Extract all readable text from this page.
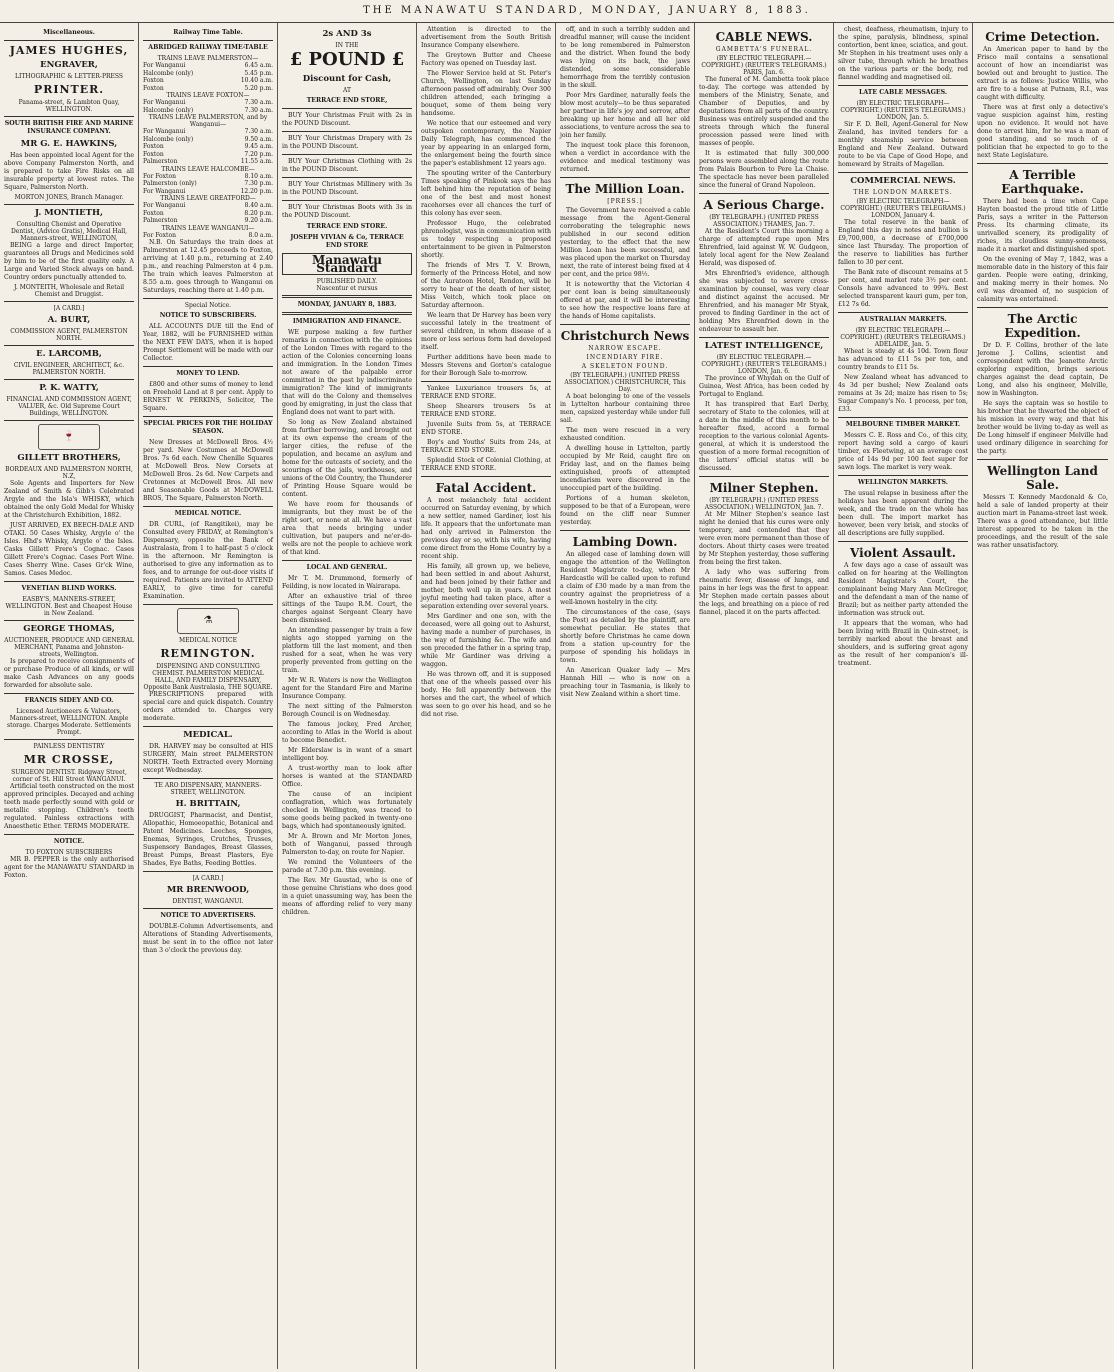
THE MANAWATU STANDARD, MONDAY, JANUARY 8, 1883.
Miscellaneous.
JAMES HUGHES,
ENGRAVER,
LITHOGRAPHIC & LETTER-PRESS
PRINTER.
Panama-street, & Lambton Quay, WELLINGTON.
SOUTH BRITISH FIRE AND MARINE INSURANCE COMPANY.
MR G. E. HAWKINS,

Has been appointed local Agent for the above Company Palmerston North, and is prepared to take Fire Risks on all insurable property at lowest rates. The Square, Palmerston North.

MORTON JONES, Branch Manager.
J. MONTIETH,
Consulting Chemist and Operative Dentist, (Advice Gratis), Medical Hall, Manners-street, WELLINGTON,

BEING a large and direct Importer, guarantees all Drugs and Medicines sold by him to be of the first quality only. A Large and Varied Stock always on hand. Country orders punctually attended to.

J. MONTEITH, Wholesale and Retail Chemist and Druggist.
[A CARD.]
A. BURT,
COMMISSION AGENT, PALMERSTON NORTH.
E. LARCOMB,
CIVIL ENGINEER, ARCHITECT, &c. PALMERSTON NORTH.
P. K. WATTY,
FINANCIAL AND COMMISSION AGENT, VALUER, &c. Old Supreme Court Buildings, WELLINGTON.
🍷
GILLETT BROTHERS,
BORDEAUX AND PALMERSTON NORTH, N.Z,

Sole Agents and Importers for New Zealand of Smith & Gibb's Celebrated Argyle and the Isla's WHISKY, which obtained the only Gold Medal for Whisky at the Christchurch Exhibition, 1882.

JUST ARRIVED, EX BEECH-DALE AND OTAKI. 50 Cases Whisky, Argyle o' the Isles. Hhd's Whisky, Argyle o' the Isles. Casks Gillett Frere's Cognac. Cases Gillett Frere's Cognac. Cases Port Wine. Cases Sherry Wine. Cases Gr'ck Wine, Samos. Cases Medoc.

VENETIAN BLIND WORKS.
EASBY'S, MANNERS-STREET, WELLINGTON. Best and Cheapest House in New Zealand.
GEORGE THOMAS,
AUCTIONEER, PRODUCE AND GENERAL MERCHANT, Panama and Johnston-streets, Wellington.

Is prepared to receive consignments of or purchase Produce of all kinds, or will make Cash Advances on any goods forwarded for absolute sale.

FRANCIS SIDEY AND CO.
Licensed Auctioneers & Valuators, Manners-street, WELLINGTON. Ample storage. Charges Moderate. Settlements Prompt.
PAINLESS DENTISTRY
MR CROSSE,
SURGEON DENTIST. Ridgway Street, corner of St. Hill Street WANGANUI.

Artificial teeth constructed on the most approved principles. Decayed and aching teeth made perfectly sound with gold or metallic stopping. Children's teeth regulated. Painless extractions with Anaesthetic Ether. TERMS MODERATE.

NOTICE.
TO FOXTON SUBSCRIBERS

MR B. PEPPER is the only authorised agent for the MANAWATU STANDARD in Foxton.

Railway Time Table.
ABRIDGED RAILWAY TIME-TABLE
TRAINS LEAVE PALMERSTON—
For Wanganui	6.45 a.m.
Halcombe (only)	5.45 p.m.
Foxton	10.40 a.m.
Foxton	5.20 p.m.
TRAINS LEAVE FOXTON—
For Wanganui	7.30 a.m.
Halcombe (only)	7.30 a.m.
TRAINS LEAVE PALMERSTON, and by Wanganui—
For Wanganui	7.30 a.m.
Halcombe (only)	9.50 a.m.
Foxton	9.45 a.m.
Foxton	7.20 p.m.
Palmerston	11.55 a.m.
TRAINS LEAVE HALCOMBE—
For Foxton	8.10 a.m.
Palmerston (only)	7.30 p.m.
For Wanganui	12.20 p.m.
TRAINS LEAVE GREATFORD—
For Wanganui	8.40 a.m.
Foxton	8.20 p.m.
Palmerston	9.20 a.m.
TRAINS LEAVE WANGANUI—
For Foxton	8.0 a.m.

N.B. On Saturdays the train does at Palmerston at 12.45 proceeds to Foxton, arriving at 1.40 p.m., returning at 2.40 p.m., and reaching Palmerston at 4 p.m. The train which leaves Palmerston at 8.55 a.m. goes through to Wanganui on Saturdays, reaching there at 1.40 p.m.

Special Notice.
NOTICE TO SUBSCRIBERS.

ALL ACCOUNTS DUE till the End of Year, 1882, will be FURNISHED within the NEXT FEW DAYS, when it is hoped Prompt Settlement will be made with our Collector.

MONEY TO LEND.

£800 and other sums of money to lend on Freehold Land at 8 per cent. Apply to ERNEST W. PERKINS, Solicitor, The Square.

SPECIAL PRICES FOR THE HOLIDAY SEASON.

New Dresses at McDowell Bros. 4½ per yard. New Costumes at McDowell Bros. 7s 6d each. New Chenille Squares at McDowell Bros. New Corsets at McDowell Bros. 2s 6d. New Carpets and Cretonnes at McDowell Bros. All new and Seasonable Goods at McDOWELL BROS, The Square, Palmerston North.

MEDICAL NOTICE.

DR CURL, (of Rangitikei), may be Consulted every FRIDAY, at Remington's Dispensary, opposite the Bank of Australasia, from 1 to half-past 5 o'clock in the afternoon. Mr Remington is authorised to give any information as to fees, and to arrange for out-door visits if required. Patients are invited to ATTEND EARLY, to give time for careful Examination.

⚗
MEDICAL NOTICE
REMINGTON.
DISPENSING AND CONSULTING CHEMIST. PALMERSTON MEDICAL HALL, AND FAMILY DISPENSARY, Opposite Bank Australasia, THE SQUARE.

PRESCRIPTIONS prepared with special care and quick dispatch. Country orders attended to. Charges very moderate.

MEDICAL.

DR. HARVEY may be consulted at HIS SURGERY, Main street PALMERSTON NORTH. Teeth Extracted every Morning except Wednesday.

TE ARO DISPENSARY, MANNERS-STREET, WELLINGTON.
H. BRITTAIN,

DRUGGIST, Pharmacist, and Dentist, Allopathic, Homoeopathic, Botanical and Patent Medicines. Leeches, Sponges, Enemas, Syringes, Crutches, Trusses, Suspensory Bandages, Breast Glasses, Breast Pumps, Breast Plasters, Eye Shades, Eye Baths, Feeding Bottles.

[A CARD.]
MR BRENWOOD,
DENTIST, WANGANUI.
NOTICE TO ADVERTISERS.

DOUBLE-Column Advertisements, and Alterations of Standing Advertisements, must be sent in to the office not later than 3 o'clock the previous day.

2s AND 3s
IN THE
£ POUND £
Discount for Cash,
AT
TERRACE END STORE,

BUY Your Christmas Fruit with 2s in the POUND Discount.

BUY Your Christmas Drapery with 2s in the POUND Discount.

BUY Your Christmas Clothing with 2s in the POUND Discount.

BUY Your Christmas Millinery with 3s in the POUND Discount.

BUY Your Christmas Boots with 3s in the POUND Discount.

TERRACE END STORE.
JOSEPH VIVIAN & Co, TERRACE END STORE
Manawatu Standard
PUBLISHED DAILY.
Nascentur et rursus
MONDAY, JANUARY 8, 1883.
IMMIGRATION AND FINANCE.

WE purpose making a few further remarks in connection with the opinions of the London Times with regard to the action of the Colonies concerning loans and immigration. In the London Times not aware of the palpable error committed in the past by indiscriminate immigration? The kind of immigrants that will do the Colony and themselves good by emigrating, in just the class that England does not want to part with.

So long as New Zealand abstained from further borrowing, and brought out at its own expense the cream of the larger cities, the refuse of the population, and became an asylum and home for the outcasts of society, and the scourings of the jails, workhouses, and unions of the Old Country, the Thunderer of Printing House Square would be content.

We have room for thousands of immigrants, but they must be of the right sort, or none at all. We have a vast area that needs bringing under cultivation, but paupers and ne'er-do-wells are not the people to achieve work of that kind.

LOCAL AND GENERAL.

Mr T. M. Drummond, formerly of Feilding, is now located in Wairarapa.

After an exhaustive trial of three sittings of the Taupo R.M. Court, the charges against Sergeant Cleary have been dismissed.

An intending passenger by train a few nights ago stopped yarning on the platform till the last moment, and then rushed for a seat, when he was very properly prevented from getting on the train.

Mr W. R. Waters is now the Wellington agent for the Standard Fire and Marine Insurance Company.

The next sitting of the Palmerston Borough Council is on Wednesday.

The famous jockey, Fred Archer, according to Atlas in the World is about to become Benedict.

Mr Elderslaw is in want of a smart intelligent boy.

A trust-worthy man to look after horses is wanted at the STANDARD Office.

The cause of an incipient conflagration, which was fortunately checked in Wellington, was traced to some goods being packed in twenty-one bags, which had spontaneously ignited.

Mr A. Brown and Mr Morton Jones, both of Wanganui, passed through Palmerston to-day, on route for Napier.

We remind the Volunteers of the parade at 7.30 p.m. this evening.

The Rev. Mr Gaustad, who is one of those genuine Christians who does good in a quiet unassuming way, has been the means of affording relief to very many children.

Attention is directed to the advertisement from the South British Insurance Company elsewhere.

The Greytown Butter and Cheese Factory was opened on Tuesday last.

The Flower Service held at St. Peter's Church, Wellington, on last Sunday afternoon passed off admirably. Over 300 children attended, each bringing a bouquet, some of them being very handsome.

We notice that our esteemed and very outspoken contemporary, the Napier Daily Telegraph, has commenced the year by appearing in an enlarged form, the enlargement being the fourth since the paper's establishment 12 years ago.

The spouting writer of the Canterbury Times speaking of Pinkook says the has left behind him the reputation of being one of the best and most honest racehorses ever all chances the turf of this colony has ever seen.

Professor Hugo, the celebrated phrenologist, was in communication with us today respecting a proposed entertainment to be given in Palmerston shortly.

The friends of Mrs T. V. Brown, formerly of the Princess Hotel, and now of the Auratoon Hotel, Rendon, will be sorry to hear of the death of her sister, Miss Veitch, which took place on Saturday afternoon.

We learn that Dr Harvey has been very successful lately in the treatment of several children, in whom disease of a more or less serious form had developed itself.

Further additions have been made to Messrs Stevens and Gorton's catalogue for their Borough Sale to-morrow.

Yankee Luxuriance trousers 5s, at TERRACE END STORE.

Sheep Shearers trousers 5s at TERRACE END STORE.

Juvenile Suits from 5s, at TERRACE END STORE.

Boy's and Youths' Suits from 24s, at TERRACE END STORE.

Splendid Stock of Colonial Clothing, at TERRACE END STORE.

Fatal Accident.

A most melancholy fatal accident occurred on Saturday evening, by which a new settler, named Gardiner, lost his life. It appears that the unfortunate man had only arrived in Palmerston the previous day or so, with his wife, having come direct from the Home Country by a recent ship.

His family, all grown up, we believe, had been settled in and about Ashurst, and had been joined by their father and mother, both well up in years. A most joyful meeting had taken place, after a separation extending over several years.

Mrs Gardiner and one son, with the deceased, were all going out to Ashurst, having made a number of purchases, in the way of furnishing &c. The wife and son preceded the father in a spring trap, while Mr Gardiner was driving a waggon.

He was thrown off, and it is supposed that one of the wheels passed over his body. He fell apparently between the horses and the cart, the wheel of which was seen to go over his head, and so he did not rise.

off, and in such a terribly sudden and dreadful manner, will cause the incident to be long remembered in Palmerston and the district. When found the body was lying on its back, the jaws distended, some considerable hemorrhage from the terribly contusion in the skull.

Poor Mrs Gardiner, naturally feels the blow most acutely—to be thus separated her partner in life's joy and sorrow, after breaking up her home and all her old associations, to venture across the sea to join her family.

The inquest took place this forenoon, when a verdict in accordance with the evidence and medical testimony was returned.

The Million Loan.
[PRESS.]

The Government have received a cable message from the Agent-General corroborating the telegraphic news published in our second edition yesterday, to the effect that the new Million Loan has been successful, and was placed upon the market on Thursday next, the rate of interest being fixed at 4 per cent, and the price 98½.

It is noteworthy that the Victorian 4 per cent loan is being simultaneously offered at par, and it will be interesting to see how the respective loans fare at the hands of Home capitalists.

Christchurch News
NARROW ESCAPE.
INCENDIARY FIRE.
A SKELETON FOUND.
(BY TELEGRAPH.) (UNITED PRESS ASSOCIATION.) CHRISTCHURCH, This Day.

A boat belonging to one of the vessels in Lyttelton harbour containing three men, capsized yesterday while under full sail.

The men were rescued in a very exhausted condition.

A dwelling house in Lyttelton, partly occupied by Mr Reid, caught fire on Friday last, and on the flames being extinguished, proofs of attempted incendiarism were discovered in the unoccupied part of the building.

Portions of a human skeleton, supposed to be that of a European, were found on the cliff near Sumner yesterday.

Lambing Down.

An alleged case of lambing down will engage the attention of the Wellington Resident Magistrate to-day, when Mr Hardcastle will be called upon to refund a claim of £30 made by a man from the country against the proprietress of a well-known hostelry in the city.

The circumstances of the case, (says the Post) as detailed by the plaintiff, are somewhat peculiar. He states that shortly before Christmas he came down from a station up-country for the purpose of spending his holidays in town.

An American Quaker lady — Mrs Hannah Hill — who is now on a preaching tour in Tasmania, is likely to visit New Zealand within a short time.

CABLE NEWS.
GAMBETTA'S FUNERAL.
(BY ELECTRIC TELEGRAPH.—COPYRIGHT.) (REUTER'S TELEGRAMS.) PARIS, Jan. 6.

The funeral of M. Gambetta took place to-day. The cortege was attended by members of the Ministry, Senate, and Chamber of Deputies, and by deputations from all parts of the country. Business was entirely suspended and the streets through which the funeral procession passed were lined with masses of people.

It is estimated that fully 300,000 persons were assembled along the route from Palais Bourbon to Pere La Chaise. The spectacle has never been paralleled since the funeral of Grand Napoleon.

A Serious Charge.
(BY TELEGRAPH.) (UNITED PRESS ASSOCIATION.) THAMES, Jan. 7.

At the Resident's Court this morning a charge of attempted rape upon Mrs Ehrenfried, laid against W. W. Gudgeon, lately local agent for the New Zealand Herald, was disposed of.

Mrs Ehrenfried's evidence, although she was subjected to severe cross-examination by counsel, was very clear and distinct against the accused. Mr Ehrenfried, and his manager Mr Styak, proved to finding Gardiner in the act of holding Mrs Ehrenfried down in the endeavour to assault her.

LATEST INTELLIGENCE,
(BY ELECTRIC TELEGRAPH.—COPYRIGHT.) (REUTER'S TELEGRAMS.) LONDON, Jan. 6.

The province of Whydah on the Gulf of Guinea, West Africa, has been ceded by Portugal to England.

It has transpired that Earl Derby, secretary of State to the colonies, will at a date in the middle of this month to be hereafter fixed, accord a formal reception to the various colonial Agents-general, at which it is understood the question of a more formal recognition of the latters' official status will be discussed.

Milner Stephen.
(BY TELEGRAPH.) (UNITED PRESS ASSOCIATION.) WELLINGTON, Jan. 7.

At Mr Milner Stephen's seance last night he denied that his cures were only temporary, and contended that they were even more permanent than those of doctors. About thirty cases were treated by Mr Stephen yesterday, those suffering from being the first taken.

A lady who was suffering from rheumatic fever, disease of lungs, and pains in her legs was the first to appear. Mr Stephen made certain passes about the legs, and breathing on a piece of red flannel, placed it on the parts affected.

chest, deafness, rheumatism, injury to the spine, paralysis, blindness, spinal contortion, bent knee, sciatica, and gout. Mr Stephen in his treatment uses only a silver tube, through which he breathes on the various parts or the body, red flannel wadding and magnetised oil.

LATE CABLE MESSAGES.
(BY ELECTRIC TELEGRAPH—COPYRIGHT.) (REUTER'S TELEGRAMS.) LONDON, Jan. 5.

Sir F. D. Bell, Agent-General for New Zealand, has invited tenders for a monthly steamship service between England and New Zealand. Outward route to be via Cape of Good Hope, and homeward by Straits of Magellan.

COMMERCIAL NEWS.
THE LONDON MARKETS.
(BY ELECTRIC TELEGRAPH—COPYRIGHT.) (REUTER'S TELEGRAMS.) LONDON, January 4.

The total reserve in the bank of England this day in notes and bullion is £9,700,000, a decrease of £700,000 since last Thursday. The proportion of the reserve to liabilities has further fallen to 30 per cent.

The Bank rate of discount remains at 5 per cent, and market rate 3½ per cent. Consols have advanced to 99¾. Best selected transparent kauri gum, per ton, £12 7s 6d.

AUSTRALIAN MARKETS.
(BY ELECTRIC TELEGRAPH.—COPYRIGHT.) (REUTER'S TELEGRAMS.) ADELAIDE, Jan. 5.

Wheat is steady at 4s 10d. Town flour has advanced to £11 5s per ton, and country brands to £11 5s.

New Zealand wheat has advanced to 4s 3d per bushel; New Zealand oats remains at 3s 2d; maize has risen to 5s; Sugar Company's No. 1 process, per ton, £33.

MELBOURNE TIMBER MARKET.

Messrs C. E. Ross and Co., of this city, report having sold a cargo of kauri timber, ex Fleetwing, at an average cost price of 14s 9d per 100 feet super for sawn logs. The market is very weak.

WELLINGTON MARKETS.

The usual relapse in business after the holidays has been apparent during the week, and the trade on the whole has been dull. The import market has however, been very brisk, and stocks of all descriptions are fully supplied.

Violent Assault.

A few days ago a case of assault was called on for hearing at the Wellington Resident Magistrate's Court, the complainant being Mary Ann McGregor, and the defendant a man of the name of Brazil; but as neither party attended the information was struck out.

It appears that the woman, who had been living with Brazil in Quin-street, is terribly marked about the breast and shoulders, and is suffering great agony as the result of her companion's ill-treatment.

Crime Detection.

An American paper to hand by the Frisco mail contains a sensational account of how an incendiarist was bowled out and brought to justice. The extract is as follows: Justice Willis, who are fire to a house at Putnam, R.I., was caught with difficulty.

There was at first only a detective's vague suspicion against him, resting upon no evidence. It would not have done to arrest him, for he was a man of good standing, and so much of a politician that he expected to go to the next State Legislature.

A Terrible Earthquake.

There had been a time when Cape Hayten boasted the proud title of Little Paris, says a writer in the Patterson Press. Its charming climate, its unrivalled scenery, its prodigality of riches, its cloudless sunny-someness, made it a market and distinguished spot.

On the evening of May 7, 1842, was a memorable date in the history of this fair garden. People were eating, drinking, and making merry in their homes. No evil was dreamed of, no suspicion of calamity was entertained.

The Arctic Expedition.

Dr D. F. Collins, brother of the late Jerome J. Collins, scientist and correspondent with the Jeanette Arctic exploring expedition, brings serious charges against the dead captain, De Long, and also his engineer, Melville, now in Washington.

He says the captain was so hostile to his brother that he thwarted the object of his mission in every way, and that his brother would be living to-day as well as De Long himself if engineer Melville had used ordinary diligence in searching for the party.

Wellington Land Sale.

Messrs T. Kennedy Macdonald & Co, held a sale of landed property at their auction mart in Panama-street last week. There was a good attendance, but little interest appeared to be taken in the proceedings, and the result of the sale was rather unsatisfactory.
